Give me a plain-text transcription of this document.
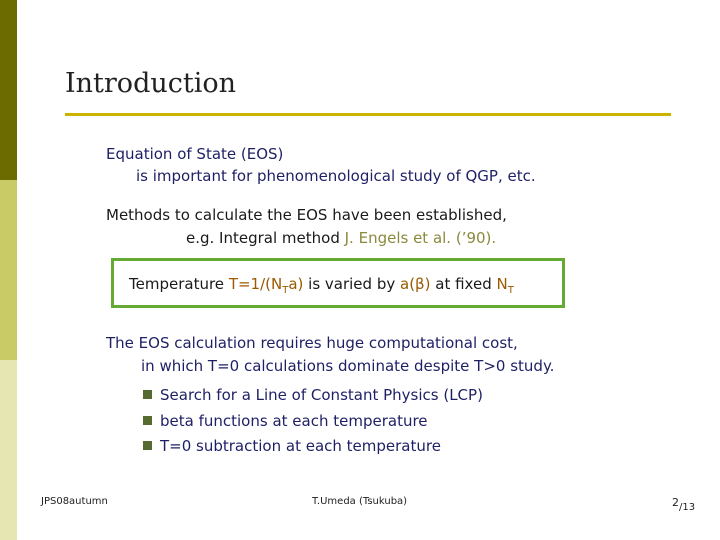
Introduction
Equation of State (EOS)
is important for phenomenological study of QGP, etc.
Methods to calculate the EOS have been established,
e.g. Integral method J. Engels et al. (’90).
Temperature $T=1/(N_Ta)$ is varied by a(β) at fixed $N_T$
The EOS calculation requires huge computational cost,
in which T=0 calculations dominate despite T>0 study.
Search for a Line of Constant Physics (LCP)
beta functions at each temperature
T=0 subtraction at each temperature
JPS08autumn	T.Umeda (Tsukuba)	2/13
